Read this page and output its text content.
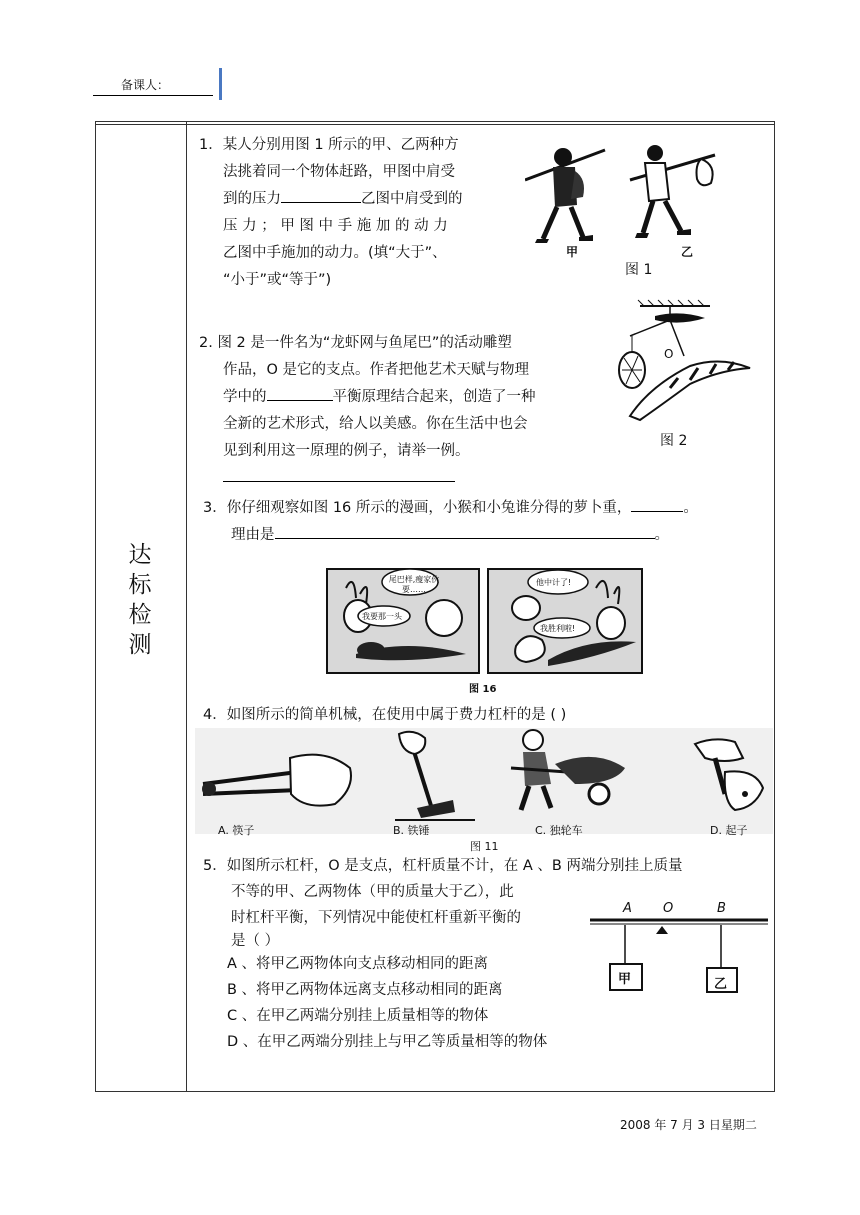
备课人：
达
标
检
测
1．某人分别用图 1 所示的甲、乙两种方
法挑着同一个物体赶路，甲图中肩受
到的压力	乙图中肩受到的
压 力 ； 甲 图 中 手 施 加 的 动 力
乙图中手施加的动力。(填“大于”、
“小于”或“等于”)
甲	乙
图 1
2. 图 2 是一件名为“龙虾网与鱼尾巴”的活动雕塑
作品，O 是它的支点。作者把他艺术天赋与物理
学中的	平衡原理结合起来，创造了一种
全新的艺术形式，给人以美感。你在生活中也会
见到利用这一原理的例子，请举一例。
O
图 2
3．你仔细观察如图 16 所示的漫画，小猴和小兔谁分得的萝卜重，	。
理由是	。
尾巴样,瘦家伙要……
我要那一头
他中计了!
我胜利啦!
图 16
4．如图所示的简单机械，在使用中属于费力杠杆的是 ( )
A. 筷子	B. 铁锤	C. 独轮车	D. 起子
图 11
5．如图所示杠杆，O 是支点，杠杆质量不计，在 A 、B 两端分别挂上质量
不等的甲、乙两物体（甲的质量大于乙），此
时杠杆平衡，下列情况中能使杠杆重新平衡的
是（ ）
A 、将甲乙两物体向支点移动相同的距离
B 、将甲乙两物体远离支点移动相同的距离
C 、在甲乙两端分别挂上质量相等的物体
D 、在甲乙两端分别挂上与甲乙等质量相等的物体
A O	B
甲	乙
2008 年 7 月 3 日星期二
